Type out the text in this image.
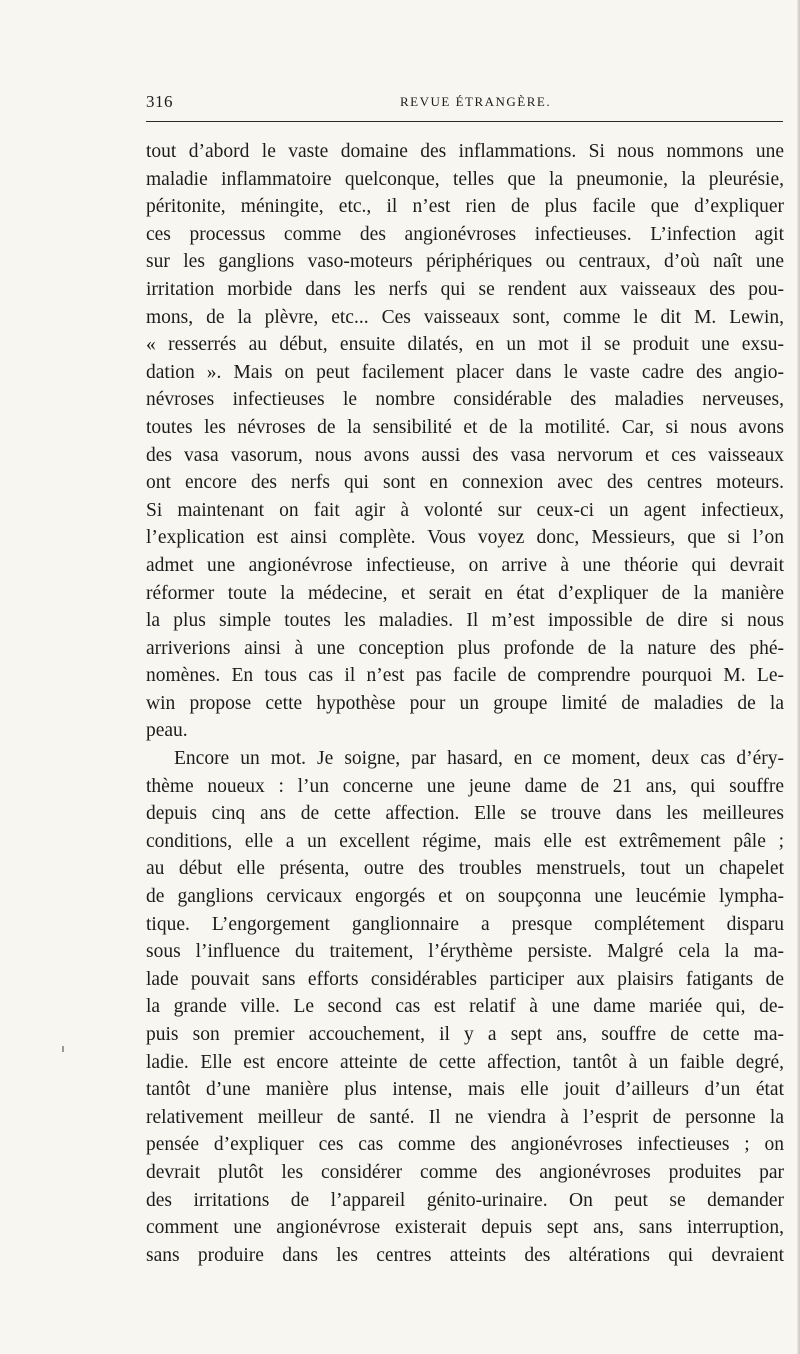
316	REVUE ÉTRANGÈRE.
tout d’abord le vaste domaine des inflammations. Si nous nommons une
maladie inflammatoire quelconque, telles que la pneumonie, la pleurésie,
péritonite, méningite, etc., il n’est rien de plus facile que d’expliquer
ces processus comme des angionévroses infectieuses. L’infection agit
sur les ganglions vaso-moteurs périphériques ou centraux, d’où naît une
irritation morbide dans les nerfs qui se rendent aux vaisseaux des pou-
mons, de la plèvre, etc... Ces vaisseaux sont, comme le dit M. Lewin,
« resserrés au début, ensuite dilatés, en un mot il se produit une exsu-
dation ». Mais on peut facilement placer dans le vaste cadre des angio-
névroses infectieuses le nombre considérable des maladies nerveuses,
toutes les névroses de la sensibilité et de la motilité. Car, si nous avons
des vasa vasorum, nous avons aussi des vasa nervorum et ces vaisseaux
ont encore des nerfs qui sont en connexion avec des centres moteurs.
Si maintenant on fait agir à volonté sur ceux-ci un agent infectieux,
l’explication est ainsi complète. Vous voyez donc, Messieurs, que si l’on
admet une angionévrose infectieuse, on arrive à une théorie qui devrait
réformer toute la médecine, et serait en état d’expliquer de la manière
la plus simple toutes les maladies. Il m’est impossible de dire si nous
arriverions ainsi à une conception plus profonde de la nature des phé-
nomènes. En tous cas il n’est pas facile de comprendre pourquoi M. Le-
win propose cette hypothèse pour un groupe limité de maladies de la
peau.
Encore un mot. Je soigne, par hasard, en ce moment, deux cas d’éry-
thème noueux : l’un concerne une jeune dame de 21 ans, qui souffre
depuis cinq ans de cette affection. Elle se trouve dans les meilleures
conditions, elle a un excellent régime, mais elle est extrêmement pâle ;
au début elle présenta, outre des troubles menstruels, tout un chapelet
de ganglions cervicaux engorgés et on soupçonna une leucémie lympha-
tique. L’engorgement ganglionnaire a presque complétement disparu
sous l’influence du traitement, l’érythème persiste. Malgré cela la ma-
lade pouvait sans efforts considérables participer aux plaisirs fatigants de
la grande ville. Le second cas est relatif à une dame mariée qui, de-
puis son premier accouchement, il y a sept ans, souffre de cette ma-
ladie. Elle est encore atteinte de cette affection, tantôt à un faible degré,
tantôt d’une manière plus intense, mais elle jouit d’ailleurs d’un état
relativement meilleur de santé. Il ne viendra à l’esprit de personne la
pensée d’expliquer ces cas comme des angionévroses infectieuses ; on
devrait plutôt les considérer comme des angionévroses produites par
des irritations de l’appareil génito-urinaire. On peut se demander
comment une angionévrose existerait depuis sept ans, sans interruption,
sans produire dans les centres atteints des altérations qui devraient
